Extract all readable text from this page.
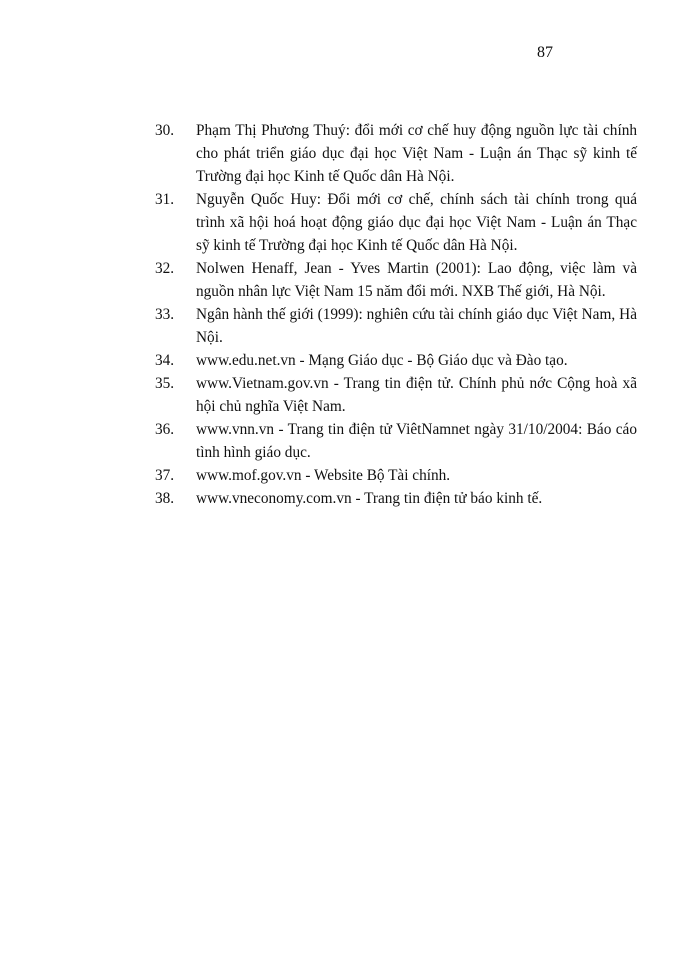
87
30.	Phạm Thị Phương Thuý: đổi mới cơ chế huy động nguồn lực tài chính cho phát triển giáo dục đại học Việt Nam - Luận án Thạc sỹ kinh tế Trường đại học Kinh tế Quốc dân Hà Nội.
31.	Nguyễn Quốc Huy: Đổi mới cơ chế, chính sách tài chính trong quá trình xã hội hoá hoạt động giáo dục đại học Việt Nam - Luận án Thạc sỹ kinh tế Trường đại học Kinh tế Quốc dân Hà Nội.
32.	Nolwen Henaff, Jean - Yves Martin (2001): Lao động, việc làm và nguồn nhân lực Việt Nam 15 năm đổi mới. NXB Thế giới, Hà Nội.
33.	Ngân hành thế giới (1999): nghiên cứu tài chính giáo dục Việt Nam, Hà Nội.
34.	www.edu.net.vn - Mạng Giáo dục - Bộ Giáo dục và Đào tạo.
35.	www.Vietnam.gov.vn - Trang tin điện tử. Chính phủ nớc Cộng hoà xã hội chủ nghĩa Việt Nam.
36.	www.vnn.vn - Trang tin điện tử ViêtNamnet ngày 31/10/2004: Báo cáo tình hình giáo dục.
37.	www.mof.gov.vn - Website Bộ Tài chính.
38.	www.vneconomy.com.vn - Trang tin điện tử báo kinh tế.
